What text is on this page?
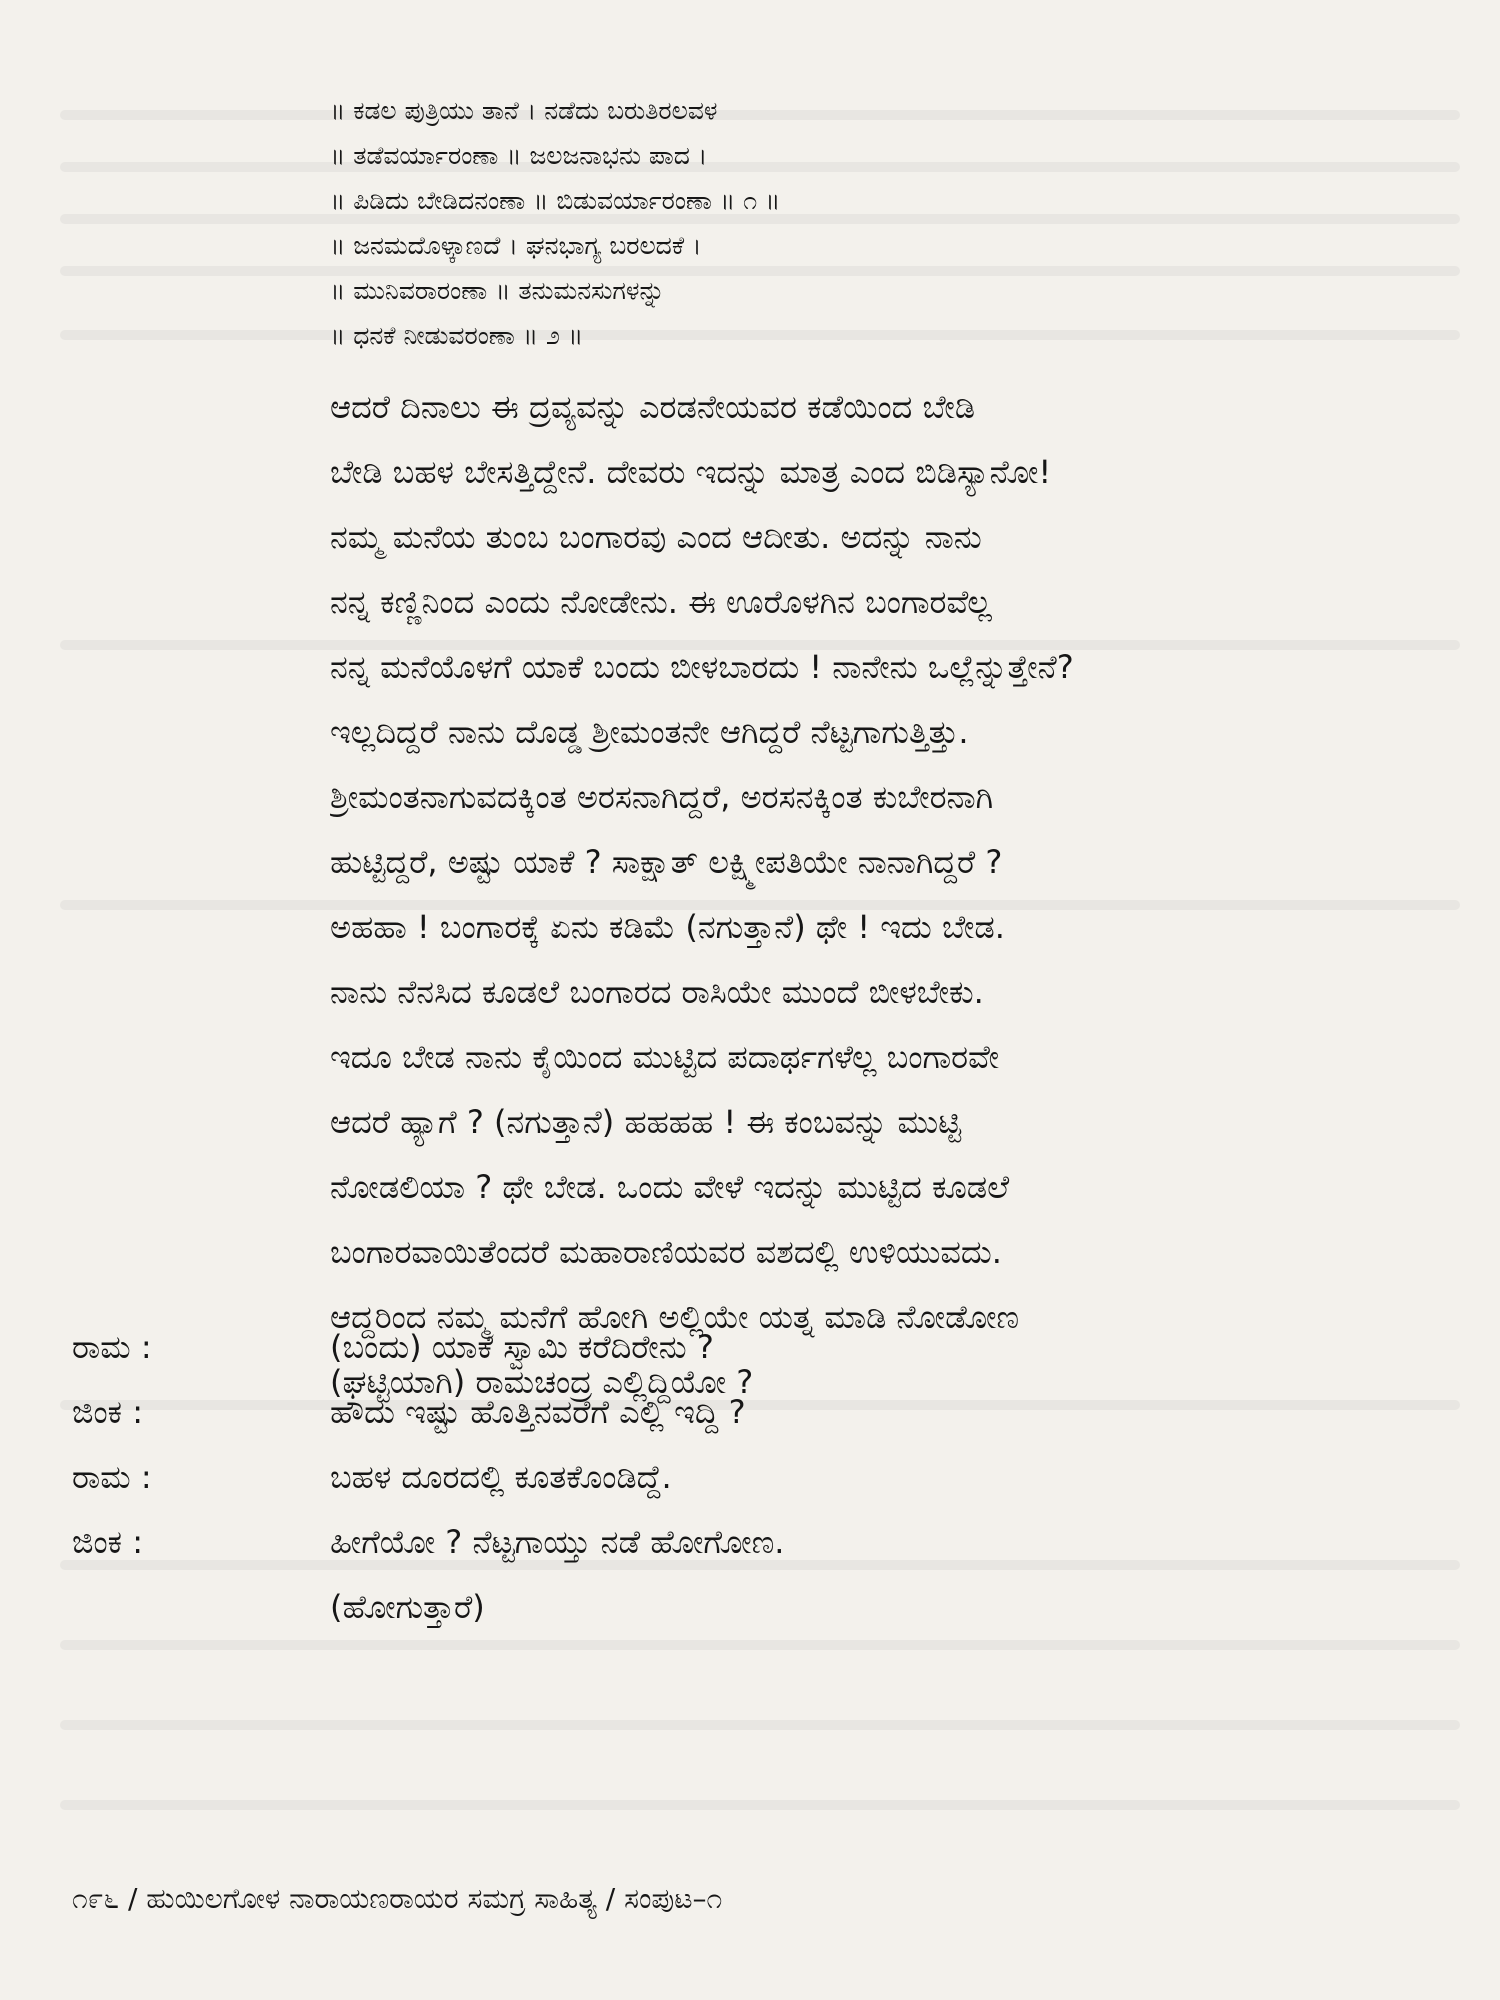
॥ ಕಡಲ ಪುತ್ರಿಯು ತಾನೆ । ನಡೆದು ಬರುತಿರಲವಳ
॥ ತಡೆವರ್ಯಾರಂಣಾ ॥ ಜಲಜನಾಭನು ಪಾದ ।
॥ ಪಿಡಿದು ಬೇಡಿದನಂಣಾ ॥ ಬಿಡುವರ್ಯಾರಂಣಾ ॥ ೧ ॥
॥ ಜನಮದೊಳ್ಕಾಣದೆ । ಘನಭಾಗ್ಯ ಬರಲದಕೆ ।
॥ ಮುನಿವರಾರಂಣಾ ॥ ತನುಮನಸುಗಳನ್ನು
॥ ಧನಕೆ ನೀಡುವರಂಣಾ ॥ ೨ ॥
ಆದರೆ ದಿನಾಲು ಈ ದ್ರವ್ಯವನ್ನು ಎರಡನೇಯವರ ಕಡೆಯಿಂದ ಬೇಡಿ
ಬೇಡಿ ಬಹಳ ಬೇಸತ್ತಿದ್ದೇನೆ. ದೇವರು ಇದನ್ನು ಮಾತ್ರ ಎಂದ ಬಿಡಿಸ್ಯಾನೋ!
ನಮ್ಮ ಮನೆಯ ತುಂಬ ಬಂಗಾರವು ಎಂದ ಆದೀತು. ಅದನ್ನು ನಾನು
ನನ್ನ ಕಣ್ಣಿನಿಂದ ಎಂದು ನೋಡೇನು. ಈ ಊರೊಳಗಿನ ಬಂಗಾರವೆಲ್ಲ
ನನ್ನ ಮನೆಯೊಳಗೆ ಯಾಕೆ ಬಂದು ಬೀಳಬಾರದು ! ನಾನೇನು ಒಲ್ಲೆನ್ನುತ್ತೇನೆ?
ಇಲ್ಲದಿದ್ದರೆ ನಾನು ದೊಡ್ಡ ಶ್ರೀಮಂತನೇ ಆಗಿದ್ದರೆ ನೆಟ್ಟಗಾಗುತ್ತಿತ್ತು.
ಶ್ರೀಮಂತನಾಗುವದಕ್ಕಿಂತ ಅರಸನಾಗಿದ್ದರೆ, ಅರಸನಕ್ಕಿಂತ ಕುಬೇರನಾಗಿ
ಹುಟ್ಟಿದ್ದರೆ, ಅಷ್ಟು ಯಾಕೆ ? ಸಾಕ್ಷಾತ್ ಲಕ್ಷ್ಮೀಪತಿಯೇ ನಾನಾಗಿದ್ದರೆ ?
ಅಹಹಾ ! ಬಂಗಾರಕ್ಕೆ ಏನು ಕಡಿಮೆ (ನಗುತ್ತಾನೆ) ಥೇ ! ಇದು ಬೇಡ.
ನಾನು ನೆನಸಿದ ಕೂಡಲೆ ಬಂಗಾರದ ರಾಸಿಯೇ ಮುಂದೆ ಬೀಳಬೇಕು.
ಇದೂ ಬೇಡ ನಾನು ಕೈಯಿಂದ ಮುಟ್ಟಿದ ಪದಾರ್ಥಗಳೆಲ್ಲ ಬಂಗಾರವೇ
ಆದರೆ ಹ್ಯಾಗೆ ? (ನಗುತ್ತಾನೆ) ಹಹಹಹ ! ಈ ಕಂಬವನ್ನು ಮುಟ್ಟಿ
ನೋಡಲಿಯಾ ? ಥೇ ಬೇಡ. ಒಂದು ವೇಳೆ ಇದನ್ನು ಮುಟ್ಟಿದ ಕೂಡಲೆ
ಬಂಗಾರವಾಯಿತೆಂದರೆ ಮಹಾರಾಣಿಯವರ ವಶದಲ್ಲಿ ಉಳಿಯುವದು.
ಆದ್ದರಿಂದ ನಮ್ಮ ಮನೆಗೆ ಹೋಗಿ ಅಲ್ಲಿಯೇ ಯತ್ನ ಮಾಡಿ ನೋಡೋಣ
(ಘಟ್ಟಿಯಾಗಿ) ರಾಮಚಂದ್ರ ಎಲ್ಲಿದ್ದಿಯೋ ?
ರಾಮ :	(ಬಂದು) ಯಾಕೆ ಸ್ವಾಮಿ ಕರೆದಿರೇನು ?
ಜಿಂಕ :	ಹೌದು ಇಷ್ಟು ಹೊತ್ತಿನವರೆಗೆ ಎಲ್ಲಿ ಇದ್ದಿ ?
ರಾಮ :	ಬಹಳ ದೂರದಲ್ಲಿ ಕೂತಕೊಂಡಿದ್ದೆ.
ಜಿಂಕ :	ಹೀಗೆಯೋ ? ನೆಟ್ಟಗಾಯ್ತು ನಡೆ ಹೋಗೋಣ.
(ಹೋಗುತ್ತಾರೆ)
೧೯೬ / ಹುಯಿಲಗೋಳ ನಾರಾಯಣರಾಯರ ಸಮಗ್ರ ಸಾಹಿತ್ಯ / ಸಂಪುಟ–೧
